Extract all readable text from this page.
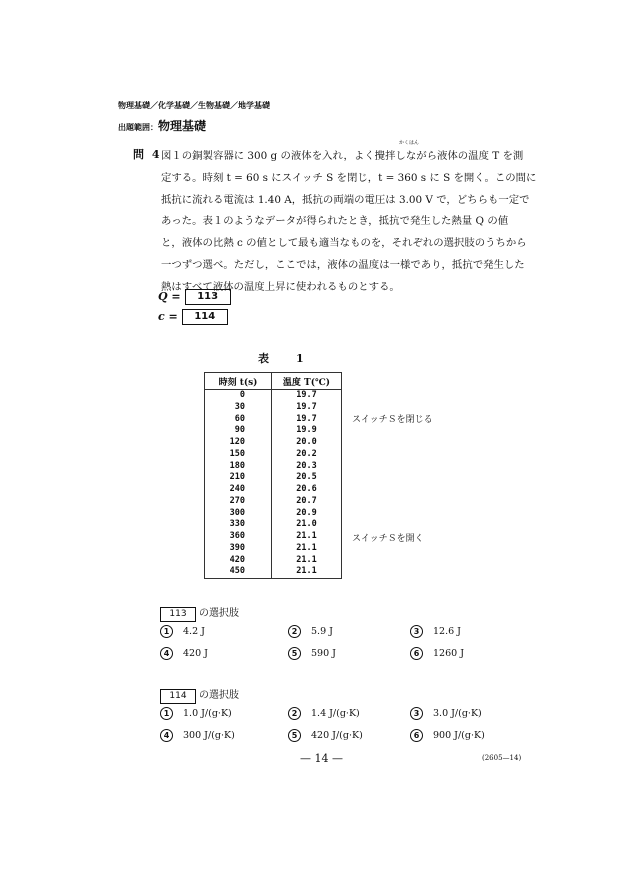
物理基礎／化学基礎／生物基礎／地学基礎
出題範囲：物理基礎
問 4
かくはん
図１の銅製容器に 300 g の液体を入れ，よく攪拌しながら液体の温度 T を測
定する。時刻 t = 60 s にスイッチ S を閉じ，t = 360 s に S を開く。この間に
抵抗に流れる電流は 1.40 A，抵抗の両端の電圧は 3.00 V で，どちらも一定で
あった。表１のようなデータが得られたとき，抵抗で発生した熱量 Q の値
と，液体の比熱 c の値として最も適当なものを，それぞれの選択肢のうちから
一つずつ選べ。ただし，ここでは，液体の温度は一様であり，抵抗で発生した
熱はすべて液体の温度上昇に使われるものとする。
Q = 113
c = 114
表　1
時刻 t(s)	温度 T(℃)
0	19.7
30	19.7
60	19.7
90	19.9
120	20.0
150	20.2
180	20.3
210	20.5
240	20.6
270	20.7
300	20.9
330	21.0
360	21.1
390	21.1
420	21.1
450	21.1
スイッチＳを閉じる
スイッチＳを開く
113 の選択肢
1 4.2 J	2 5.9 J	3 12.6 J
4 420 J	5 590 J	6 1260 J
114 の選択肢
1 1.0 J/(g·K)	2 1.4 J/(g·K)	3 3.0 J/(g·K)
4 300 J/(g·K)	5 420 J/(g·K)	6 900 J/(g·K)
— 14 —	(2605—14)
